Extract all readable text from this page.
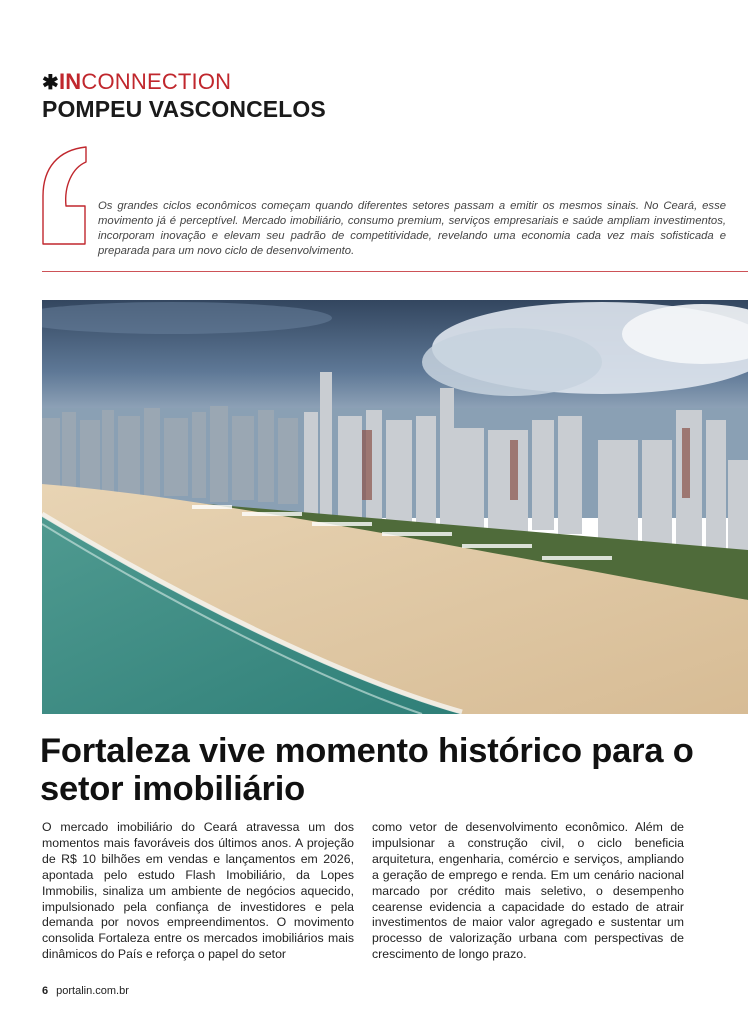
✱INCONNECTION
POMPEU VASCONCELOS

Os grandes ciclos econômicos começam quando diferentes setores passam a emitir os mesmos sinais. No Ceará, esse movimento já é perceptível. Mercado imobiliário, consumo premium, serviços empresariais e saúde ampliam investimentos, incorporam inovação e elevam seu padrão de competitividade, revelando uma economia cada vez mais sofisticada e preparada para um novo ciclo de desenvolvimento.

Fortaleza vive momento histórico para o setor imobiliário

O mercado imobiliário do Ceará atravessa um dos momentos mais favoráveis dos últimos anos. A projeção de R$ 10 bilhões em vendas e lançamentos em 2026, apontada pelo estudo Flash Imobiliário, da Lopes Immobilis, sinaliza um ambiente de negócios aquecido, impulsionado pela confiança de investidores e pela demanda por novos empreendimentos. O movimento consolida Fortaleza entre os mercados imobiliários mais dinâmicos do País e reforça o papel do setor

como vetor de desenvolvimento econômico. Além de impulsionar a construção civil, o ciclo beneficia arquitetura, engenharia, comércio e serviços, ampliando a geração de emprego e renda. Em um cenário nacional marcado por crédito mais seletivo, o desempenho cearense evidencia a capacidade do estado de atrair investimentos de maior valor agregado e sustentar um processo de valorização urbana com perspectivas de crescimento de longo prazo.

6 portalin.com.br
